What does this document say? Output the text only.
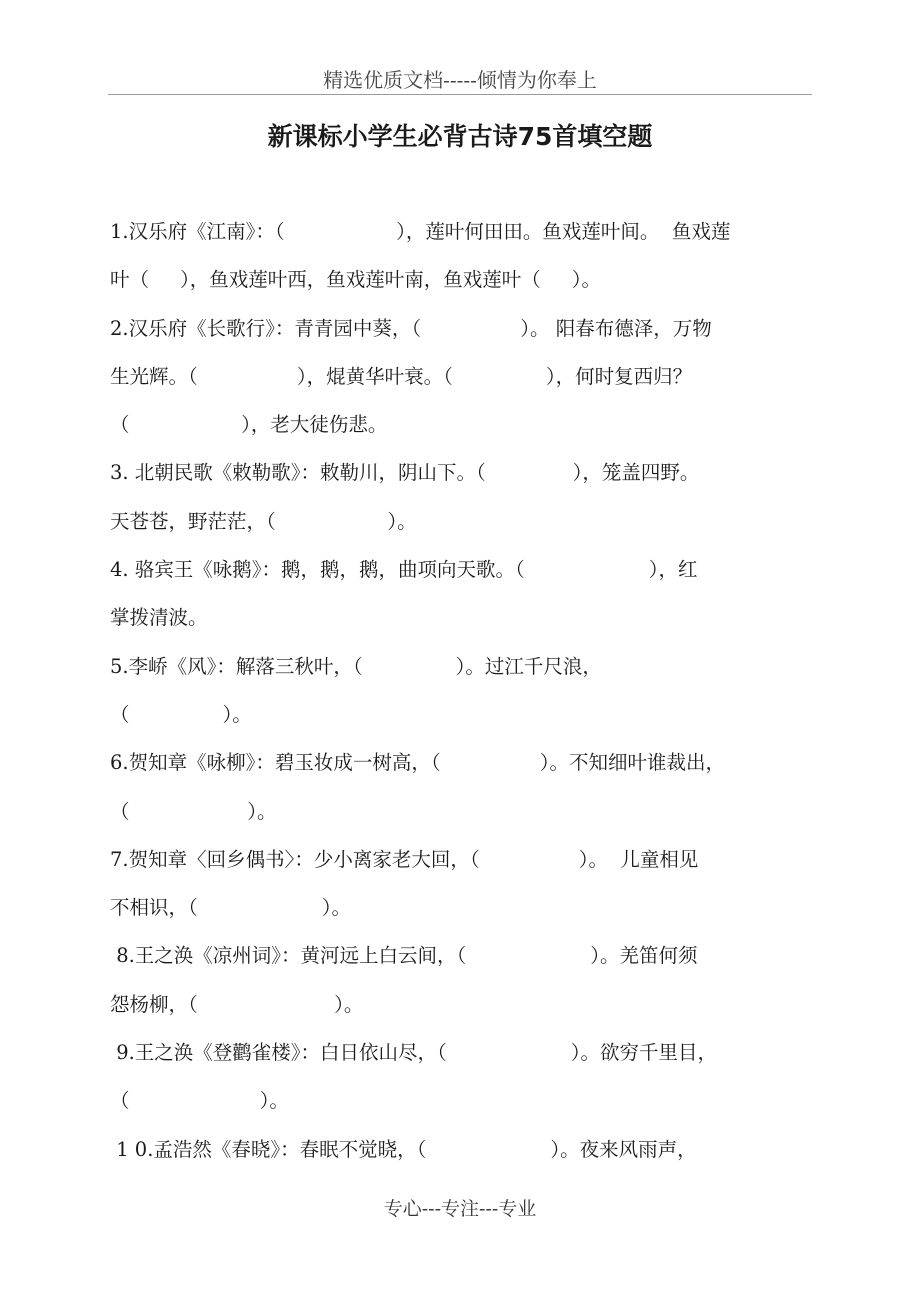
精选优质文档-----倾情为你奉上
新课标小学生必背古诗75首填空题
1.汉乐府《江南》：（                  ），莲叶何田田。鱼戏莲叶间。  鱼戏莲
叶（     ），鱼戏莲叶西，鱼戏莲叶南，鱼戏莲叶（     ）。
2.汉乐府《长歌行》：青青园中葵，（                ）。 阳春布德泽，万物
生光辉。（                ），焜黄华叶衰。（               ），何时复西归？
（                  ），老大徒伤悲。
3. 北朝民歌《敕勒歌》：敕勒川，阴山下。（              ），笼盖四野。
天苍苍，野茫茫，（                  ）。
4. 骆宾王《咏鹅》：鹅，鹅，鹅，曲项向天歌。（                    ），红
掌拨清波。
5.李峤《风》：解落三秋叶，（               ）。过江千尺浪，
（               ）。
6.贺知章《咏柳》：碧玉妆成一树高，（                ）。不知细叶谁裁出，
（                   ）。
7.贺知章〈回乡偶书〉：少小离家老大回，（                ）。  儿童相见
不相识，（                    ）。
8.王之涣《凉州词》：黄河远上白云间，（                    ）。羌笛何须
怨杨柳，（                      ）。
9.王之涣《登鹳雀楼》：白日依山尽，（                    ）。欲穷千里目，
（                     ）。
1 0.孟浩然《春晓》：春眠不觉晓，（                    ）。夜来风雨声，
专心---专注---专业
